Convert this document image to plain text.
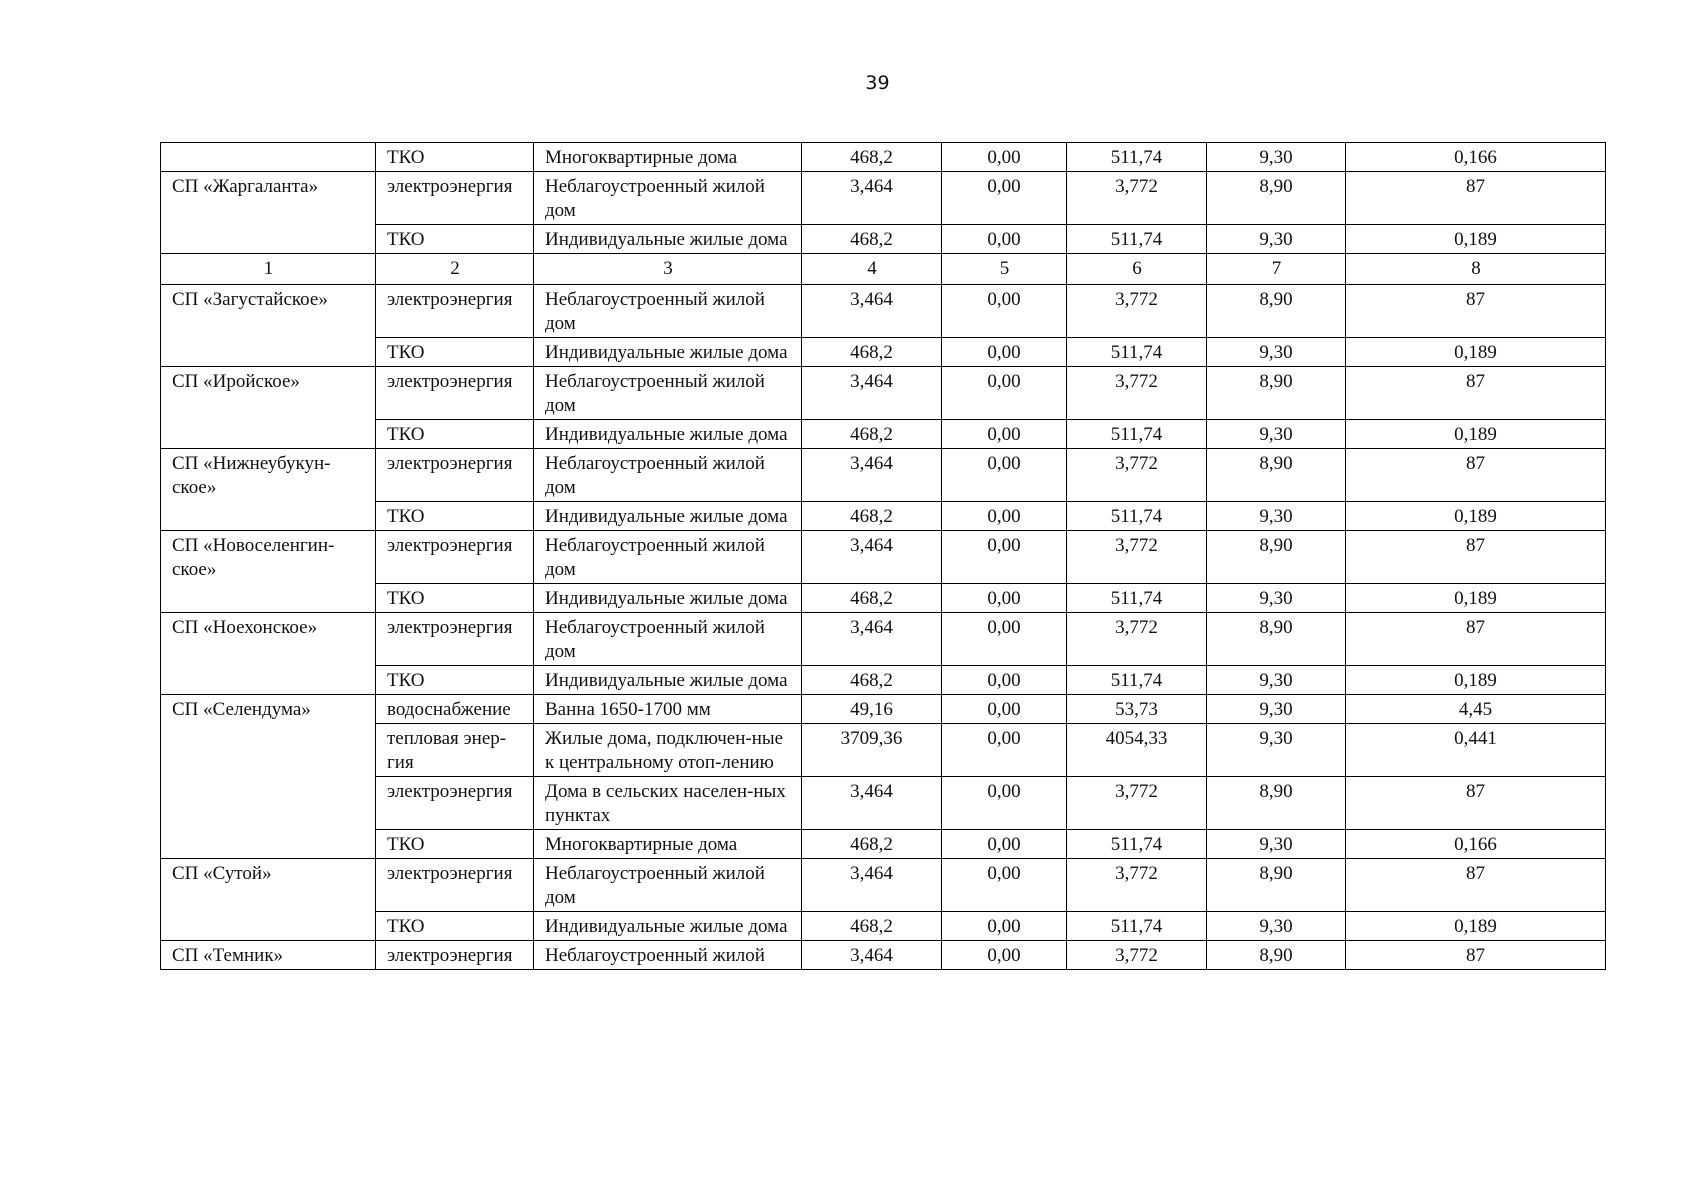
39
	ТКО	Многоквартирные дома	468,2	0,00	511,74	9,30	0,166
СП «Жаргаланта»	электроэнергия	Неблагоустроенный жилой дом	3,464	0,00	3,772	8,90	87
	ТКО	Индивидуальные жилые дома	468,2	0,00	511,74	9,30	0,189
1	2	3	4	5	6	7	8
СП «Загустайское»	электроэнергия	Неблагоустроенный жилой дом	3,464	0,00	3,772	8,90	87
	ТКО	Индивидуальные жилые дома	468,2	0,00	511,74	9,30	0,189
СП «Иройское»	электроэнергия	Неблагоустроенный жилой дом	3,464	0,00	3,772	8,90	87
	ТКО	Индивидуальные жилые дома	468,2	0,00	511,74	9,30	0,189
СП «Нижнеубукун-ское»	электроэнергия	Неблагоустроенный жилой дом	3,464	0,00	3,772	8,90	87
	ТКО	Индивидуальные жилые дома	468,2	0,00	511,74	9,30	0,189
СП «Новоселенгин-ское»	электроэнергия	Неблагоустроенный жилой дом	3,464	0,00	3,772	8,90	87
	ТКО	Индивидуальные жилые дома	468,2	0,00	511,74	9,30	0,189
СП «Ноехонское»	электроэнергия	Неблагоустроенный жилой дом	3,464	0,00	3,772	8,90	87
	ТКО	Индивидуальные жилые дома	468,2	0,00	511,74	9,30	0,189
СП «Селендума»	водоснабжение	Ванна 1650-1700 мм	49,16	0,00	53,73	9,30	4,45
	тепловая энер-гия	Жилые дома, подключен-ные к центральному отоп-лению	3709,36	0,00	4054,33	9,30	0,441
	электроэнергия	Дома в сельских населен-ных пунктах	3,464	0,00	3,772	8,90	87
	ТКО	Многоквартирные дома	468,2	0,00	511,74	9,30	0,166
СП «Сутой»	электроэнергия	Неблагоустроенный жилой дом	3,464	0,00	3,772	8,90	87
	ТКО	Индивидуальные жилые дома	468,2	0,00	511,74	9,30	0,189
СП «Темник»	электроэнергия	Неблагоустроенный жилой	3,464	0,00	3,772	8,90	87
